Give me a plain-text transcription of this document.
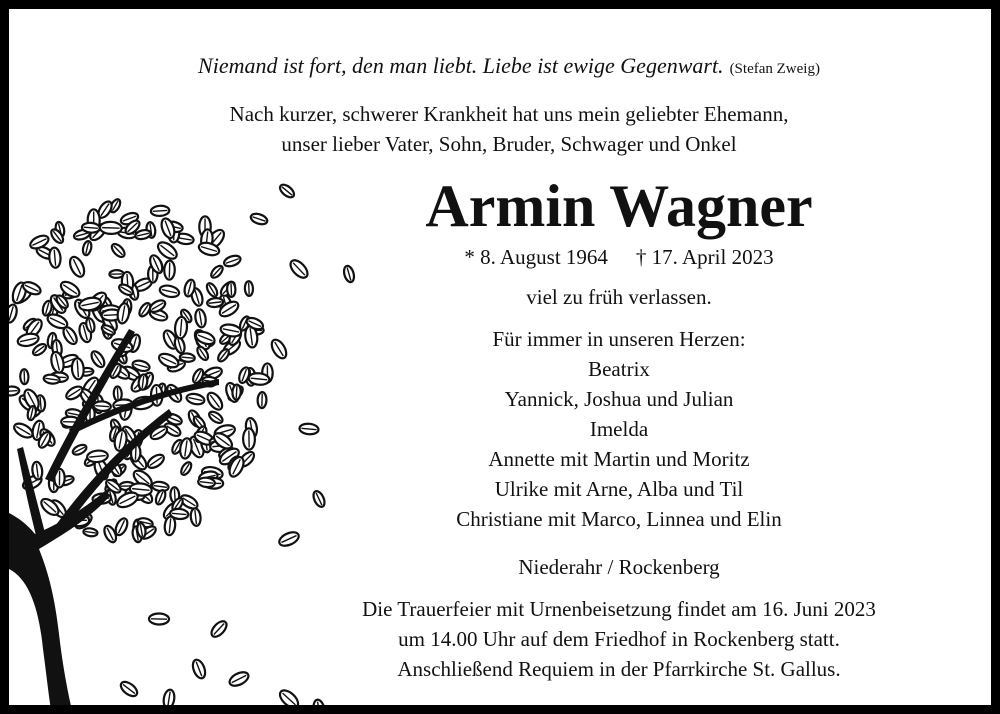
Niemand ist fort, den man liebt. Liebe ist ewige Gegenwart. (Stefan Zweig)
Nach kurzer, schwerer Krankheit hat uns mein geliebter Ehemann,
unser lieber Vater, Sohn, Bruder, Schwager und Onkel
Armin Wagner
* 8. August 1964 † 17. April 2023
viel zu früh verlassen.
Für immer in unseren Herzen:
Beatrix
Yannick, Joshua und Julian
Imelda
Annette mit Martin und Moritz
Ulrike mit Arne, Alba und Til
Christiane mit Marco, Linnea und Elin
Niederahr / Rockenberg
Die Trauerfeier mit Urnenbeisetzung findet am 16. Juni 2023
um 14.00 Uhr auf dem Friedhof in Rockenberg statt.
Anschließend Requiem in der Pfarrkirche St. Gallus.
